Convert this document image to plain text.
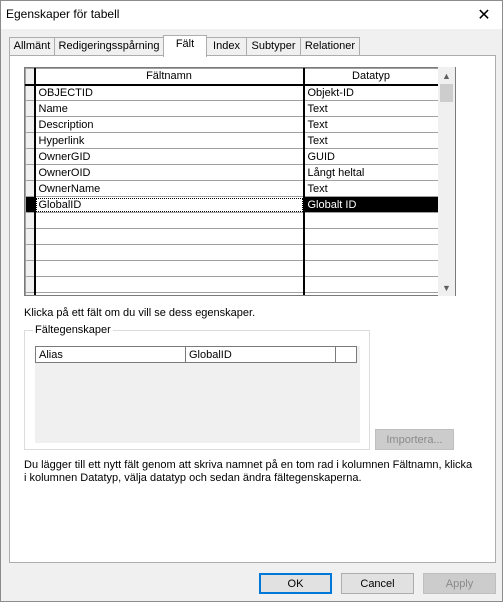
Egenskaper för tabell	✕
Allmänt Redigeringsspårning	Fält	Index	Subtyper Relationer
	Fältnamn	Datatyp
	OBJECTID	Objekt-ID
	Name	Text
	Description	Text
	Hyperlink	Text
	OwnerGID	GUID
	OwnerOID	Långt heltal
	OwnerName	Text
	GlobalID	Globalt ID

▲
▼
Klicka på ett fält om du vill se dess egenskaper.
Fältegenskaper
Alias	GlobalID	
Importera...
Du lägger till ett nytt fält genom att skriva namnet på en tom rad i kolumnen Fältnamn, klicka i kolumnen Datatyp, välja datatyp och sedan ändra fältegenskaperna.
OK	Cancel	Apply
